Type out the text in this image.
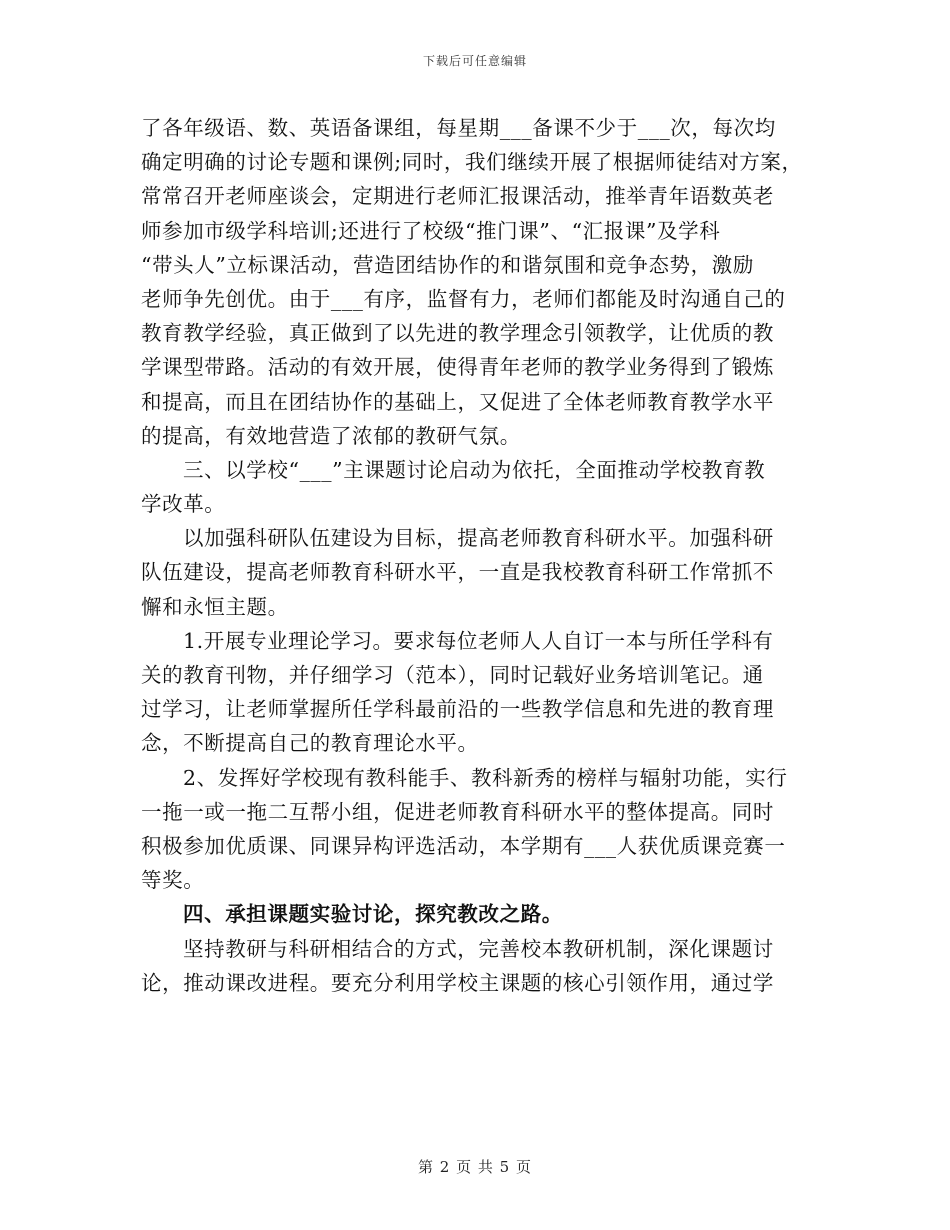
下载后可任意编辑
了各年级语、数、英语备课组，每星期___备课不少于___次，每次均
确定明确的讨论专题和课例;同时，我们继续开展了根据师徒结对方案，
常常召开老师座谈会，定期进行老师汇报课活动，推举青年语数英老
师参加市级学科培训;还进行了校级“推门课”、“汇报课”及学科
“带头人”立标课活动，营造团结协作的和谐氛围和竞争态势，激励
老师争先创优。由于___有序，监督有力，老师们都能及时沟通自己的
教育教学经验，真正做到了以先进的教学理念引领教学，让优质的教
学课型带路。活动的有效开展，使得青年老师的教学业务得到了锻炼
和提高，而且在团结协作的基础上，又促进了全体老师教育教学水平
的提高，有效地营造了浓郁的教研气氛。
三、以学校“___”主课题讨论启动为依托，全面推动学校教育教
学改革。
以加强科研队伍建设为目标，提高老师教育科研水平。加强科研
队伍建设，提高老师教育科研水平，一直是我校教育科研工作常抓不
懈和永恒主题。
1.开展专业理论学习。要求每位老师人人自订一本与所任学科有
关的教育刊物，并仔细学习（范本），同时记载好业务培训笔记。通
过学习，让老师掌握所任学科最前沿的一些教学信息和先进的教育理
念，不断提高自己的教育理论水平。
2、发挥好学校现有教科能手、教科新秀的榜样与辐射功能，实行
一拖一或一拖二互帮小组，促进老师教育科研水平的整体提高。同时
积极参加优质课、同课异构评选活动，本学期有___人获优质课竞赛一
等奖。
四、承担课题实验讨论，探究教改之路。
坚持教研与科研相结合的方式，完善校本教研机制，深化课题讨
论，推动课改进程。要充分利用学校主课题的核心引领作用，通过学
第 2 页 共 5 页
